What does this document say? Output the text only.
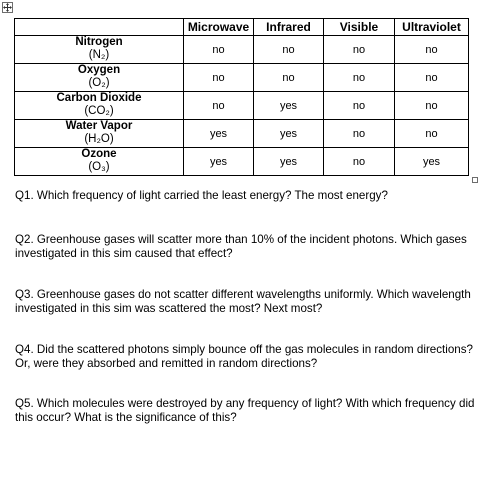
	Microwave	Infrared	Visible	Ultraviolet

Nitrogen
(N₂)	no	no	no	no

Oxygen
(O₂)	no	no	no	no

Carbon Dioxide
(CO₂)	no	yes	no	no

Water Vapor
(H₂O)	yes	yes	no	no

Ozone
(O₃)	yes	yes	no	yes

Q1. Which frequency of light carried the least energy? The most energy?

Q2. Greenhouse gases will scatter more than 10% of the incident photons. Which gases investigated in this sim caused that effect?

Q3. Greenhouse gases do not scatter different wavelengths uniformly. Which wavelength investigated in this sim was scattered the most? Next most?

Q4. Did the scattered photons simply bounce off the gas molecules in random directions? Or, were they absorbed and remitted in random directions?

Q5. Which molecules were destroyed by any frequency of light? With which frequency did this occur? What is the significance of this?
